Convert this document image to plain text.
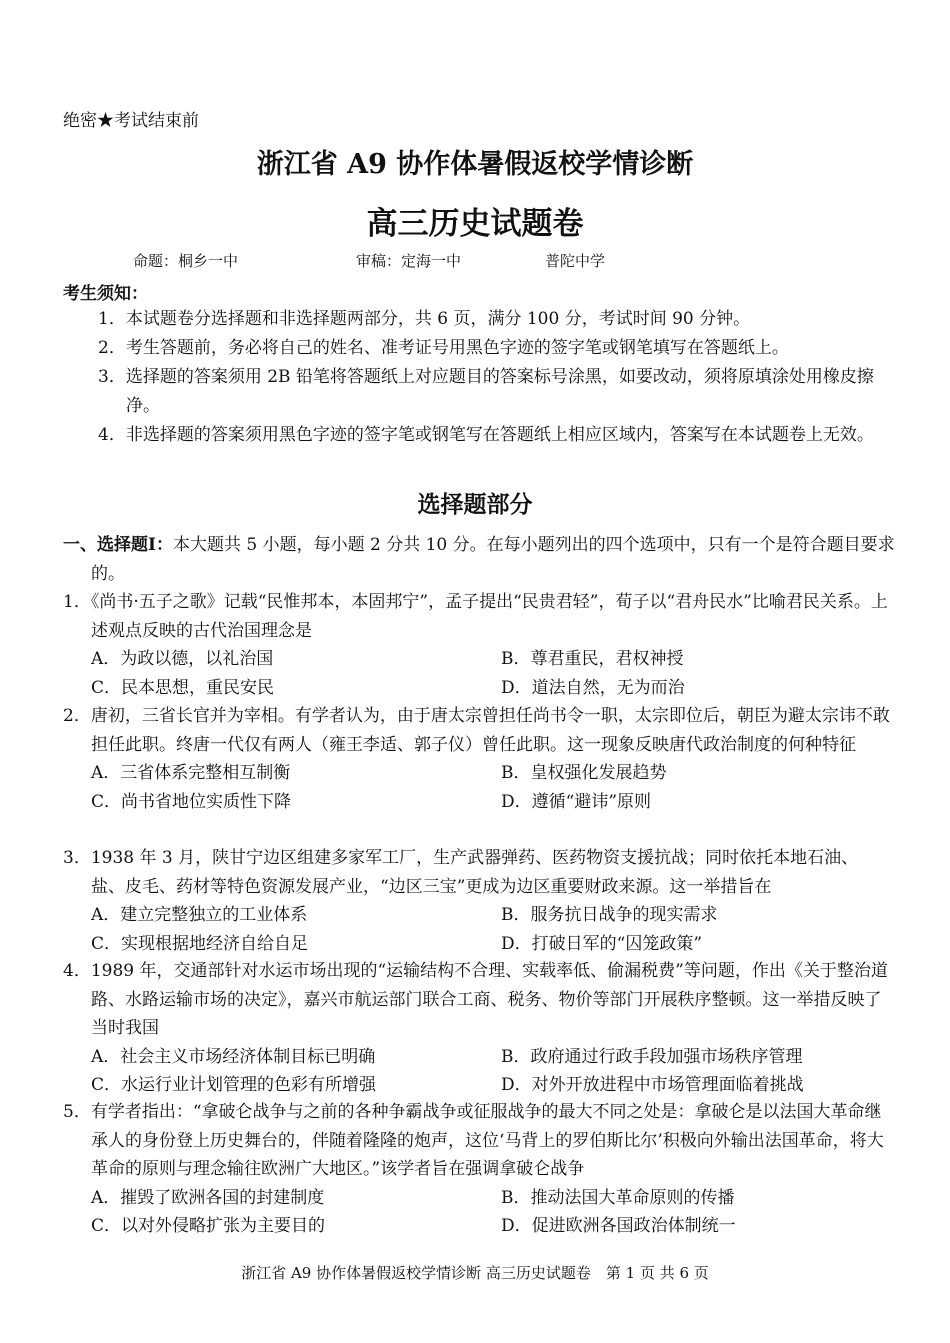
绝密★考试结束前
浙江省 A9 协作体暑假返校学情诊断
高三历史试题卷
命题：桐乡一中	审稿：定海一中	普陀中学
考生须知：
1．本试题卷分选择题和非选择题两部分，共 6 页，满分 100 分，考试时间 90 分钟。
2．考生答题前，务必将自己的姓名、准考证号用黑色字迹的签字笔或钢笔填写在答题纸上。
3．选择题的答案须用 2B 铅笔将答题纸上对应题目的答案标号涂黑，如要改动，须将原填涂处用橡皮擦净。
4．非选择题的答案须用黑色字迹的签字笔或钢笔写在答题纸上相应区域内，答案写在本试题卷上无效。
选择题部分
一、选择题Ⅰ：本大题共 5 小题，每小题 2 分共 10 分。在每小题列出的四个选项中，只有一个是符合题目要求的。
1．《尚书·五子之歌》记载“民惟邦本，本固邦宁”，孟子提出“民贵君轻”，荀子以“君舟民水”比喻君民关系。上述观点反映的古代治国理念是
A．为政以德，以礼治国	B．尊君重民，君权神授
C．民本思想，重民安民	D．道法自然，无为而治
2．唐初，三省长官并为宰相。有学者认为，由于唐太宗曾担任尚书令一职，太宗即位后，朝臣为避太宗讳不敢担任此职。终唐一代仅有两人（雍王李适、郭子仪）曾任此职。这一现象反映唐代政治制度的何种特征
A．三省体系完整相互制衡	B．皇权强化发展趋势
C．尚书省地位实质性下降	D．遵循“避讳”原则
3．1938 年 3 月，陕甘宁边区组建多家军工厂，生产武器弹药、医药物资支援抗战；同时依托本地石油、盐、皮毛、药材等特色资源发展产业，“边区三宝”更成为边区重要财政来源。这一举措旨在
A．建立完整独立的工业体系	B．服务抗日战争的现实需求
C．实现根据地经济自给自足	D．打破日军的“囚笼政策”
4．1989 年，交通部针对水运市场出现的“运输结构不合理、实载率低、偷漏税费”等问题，作出《关于整治道路、水路运输市场的决定》，嘉兴市航运部门联合工商、税务、物价等部门开展秩序整顿。这一举措反映了当时我国
A．社会主义市场经济体制目标已明确	B．政府通过行政手段加强市场秩序管理
C．水运行业计划管理的色彩有所增强	D．对外开放进程中市场管理面临着挑战
5．有学者指出：“拿破仑战争与之前的各种争霸战争或征服战争的最大不同之处是：拿破仑是以法国大革命继承人的身份登上历史舞台的，伴随着隆隆的炮声，这位‘马背上的罗伯斯比尔’积极向外输出法国革命，将大革命的原则与理念输往欧洲广大地区。”该学者旨在强调拿破仑战争
A．摧毁了欧洲各国的封建制度	B．推动法国大革命原则的传播
C．以对外侵略扩张为主要目的	D．促进欧洲各国政治体制统一
浙江省 A9 协作体暑假返校学情诊断 高三历史试题卷　第 1 页 共 6 页
